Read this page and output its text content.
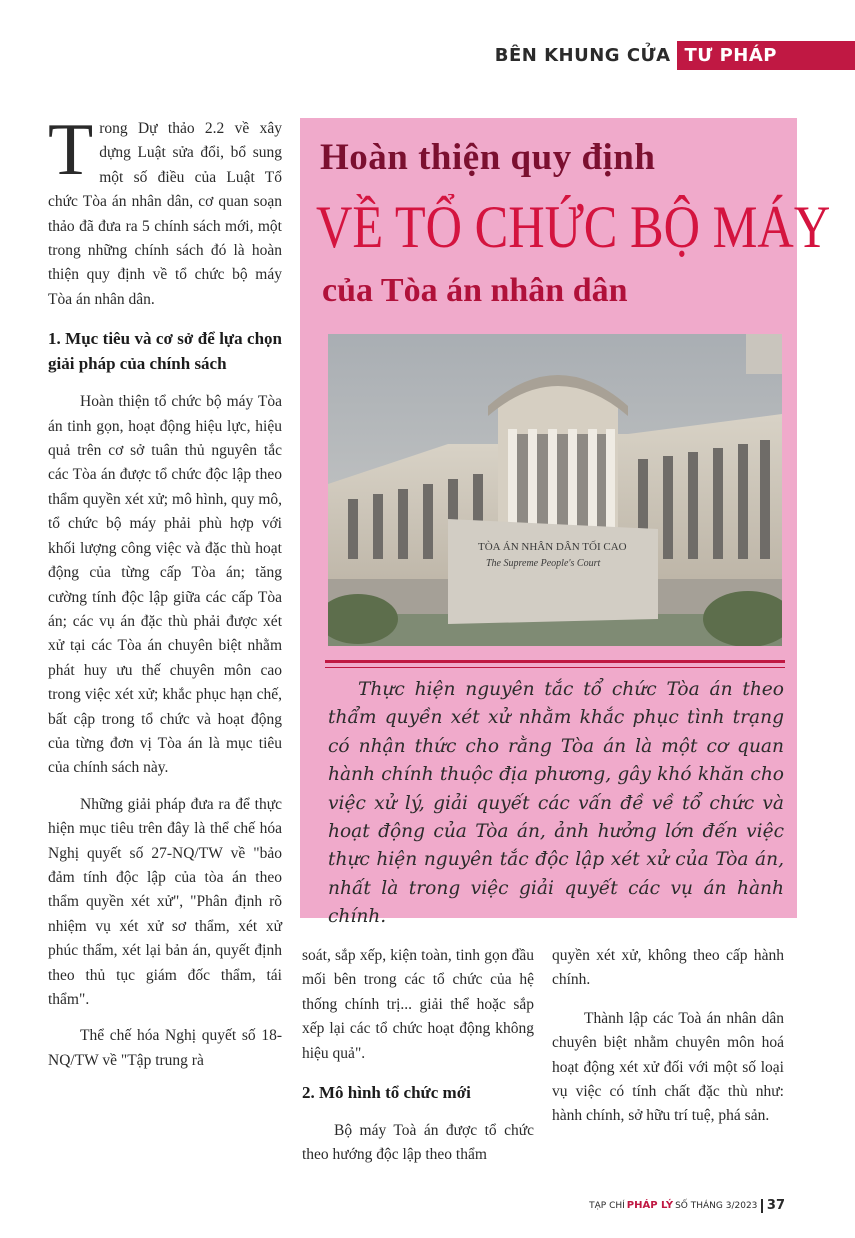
BÊN KHUNG CỬA TƯ PHÁP

Trong Dự thảo 2.2 về xây dựng Luật sửa đổi, bổ sung một số điều của Luật Tổ chức Tòa án nhân dân, cơ quan soạn thảo đã đưa ra 5 chính sách mới, một trong những chính sách đó là hoàn thiện quy định về tổ chức bộ máy Tòa án nhân dân.

1. Mục tiêu và cơ sở để lựa chọn giải pháp của chính sách

Hoàn thiện tổ chức bộ máy Tòa án tinh gọn, hoạt động hiệu lực, hiệu quả trên cơ sở tuân thủ nguyên tắc các Tòa án được tổ chức độc lập theo thẩm quyền xét xử; mô hình, quy mô, tổ chức bộ máy phải phù hợp với khối lượng công việc và đặc thù hoạt động của từng cấp Tòa án; tăng cường tính độc lập giữa các cấp Tòa án; các vụ án đặc thù phải được xét xử tại các Tòa án chuyên biệt nhằm phát huy ưu thế chuyên môn cao trong việc xét xử; khắc phục hạn chế, bất cập trong tổ chức và hoạt động của từng đơn vị Tòa án là mục tiêu của chính sách này.

Những giải pháp đưa ra để thực hiện mục tiêu trên đây là thể chế hóa Nghị quyết số 27-NQ/TW về "bảo đảm tính độc lập của tòa án theo thẩm quyền xét xử", "Phân định rõ nhiệm vụ xét xử sơ thẩm, xét xử phúc thẩm, xét lại bản án, quyết định theo thủ tục giám đốc thẩm, tái thẩm".

Thể chế hóa Nghị quyết số 18-NQ/TW về "Tập trung rà

Hoàn thiện quy định
VỀ TỔ CHỨC BỘ MÁY
của Tòa án nhân dân
TÒA ÁN NHÂN DÂN TỐI CAO
The Supreme People's Court
Thực hiện nguyên tắc tổ chức Tòa án theo thẩm quyền xét xử nhằm khắc phục tình trạng có nhận thức cho rằng Tòa án là một cơ quan hành chính thuộc địa phương, gây khó khăn cho việc xử lý, giải quyết các vấn đề về tổ chức và hoạt động của Tòa án, ảnh hưởng lớn đến việc thực hiện nguyên tắc độc lập xét xử của Tòa án, nhất là trong việc giải quyết các vụ án hành chính.

soát, sắp xếp, kiện toàn, tinh gọn đầu mối bên trong các tổ chức của hệ thống chính trị... giải thể hoặc sắp xếp lại các tổ chức hoạt động không hiệu quả".

2. Mô hình tổ chức mới

Bộ máy Toà án được tổ chức theo hướng độc lập theo thẩm

quyền xét xử, không theo cấp hành chính.

Thành lập các Toà án nhân dân chuyên biệt nhằm chuyên môn hoá hoạt động xét xử đối với một số loại vụ việc có tính chất đặc thù như: hành chính, sở hữu trí tuệ, phá sản.

TẠP CHÍ PHÁP LÝ SỐ THÁNG 3/2023 37
